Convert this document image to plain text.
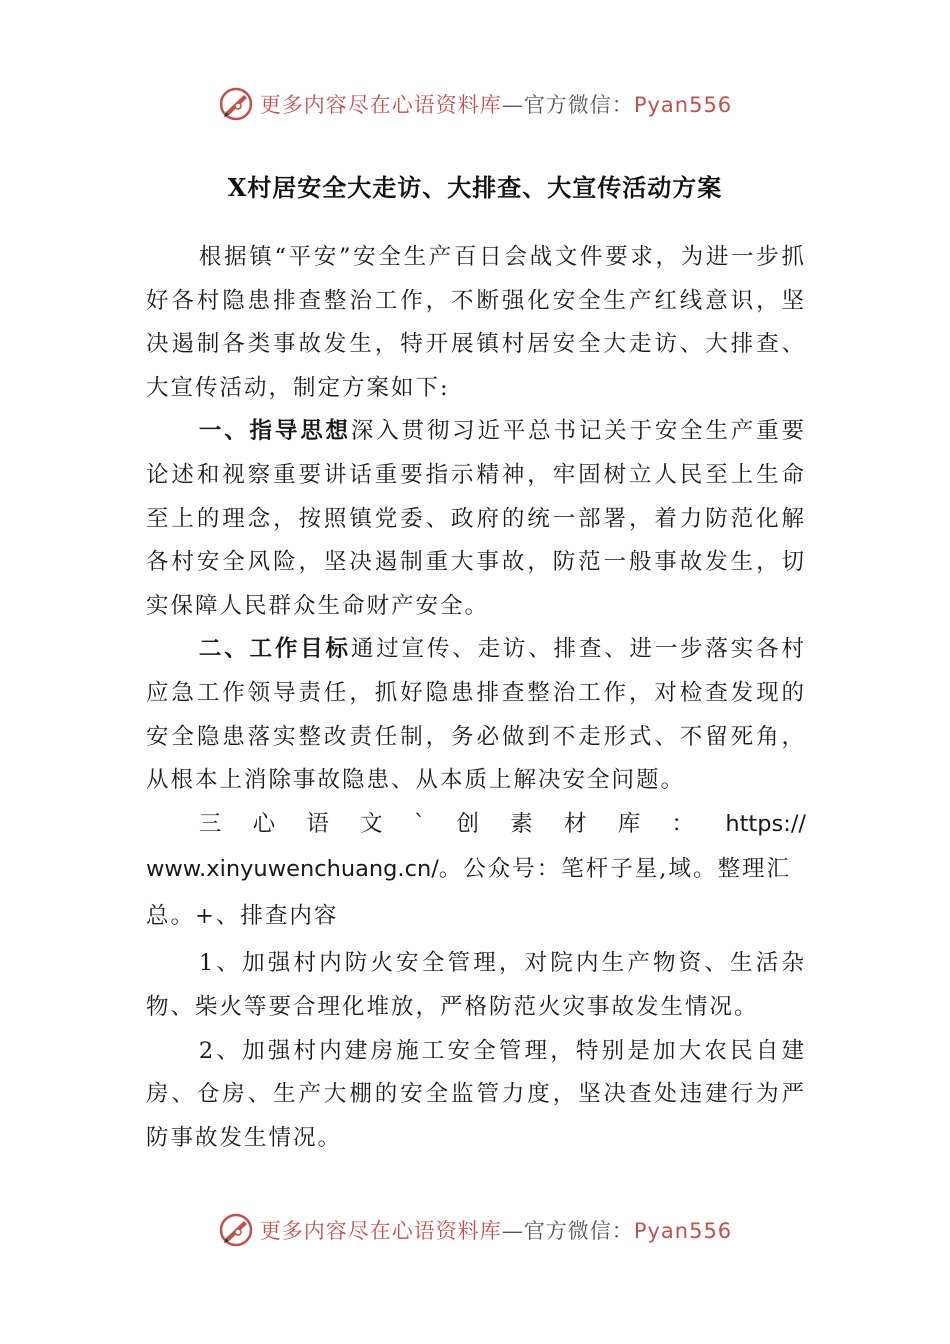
更多内容尽在心语资料库—官方微信：Pyan556
X村居安全大走访、大排查、大宣传活动方案

根据镇“平安”安全生产百日会战文件要求，为进一步抓好各村隐患排查整治工作，不断强化安全生产红线意识，坚决遏制各类事故发生，特开展镇村居安全大走访、大排查、大宣传活动，制定方案如下:

一、指导思想深入贯彻习近平总书记关于安全生产重要论述和视察重要讲话重要指示精神，牢固树立人民至上生命至上的理念，按照镇党委、政府的统一部署，着力防范化解各村安全风险，坚决遏制重大事故，防范一般事故发生，切实保障人民群众生命财产安全。

二、工作目标通过宣传、走访、排查、进一步落实各村应急工作领导责任，抓好隐患排查整治工作，对检查发现的安全隐患落实整改责任制，务必做到不走形式、不留死角，从根本上消除事故隐患、从本质上解决安全问题。

三心语文`创素材库：https://

www.xinyuwenchuang.cn/。公众号：笔杆子星,域。整理汇

总。+、排查内容

1、加强村内防火安全管理，对院内生产物资、生活杂物、柴火等要合理化堆放，严格防范火灾事故发生情况。

2、加强村内建房施工安全管理，特别是加大农民自建房、仓房、生产大棚的安全监管力度，坚决查处违建行为严防事故发生情况。

更多内容尽在心语资料库—官方微信：Pyan556
